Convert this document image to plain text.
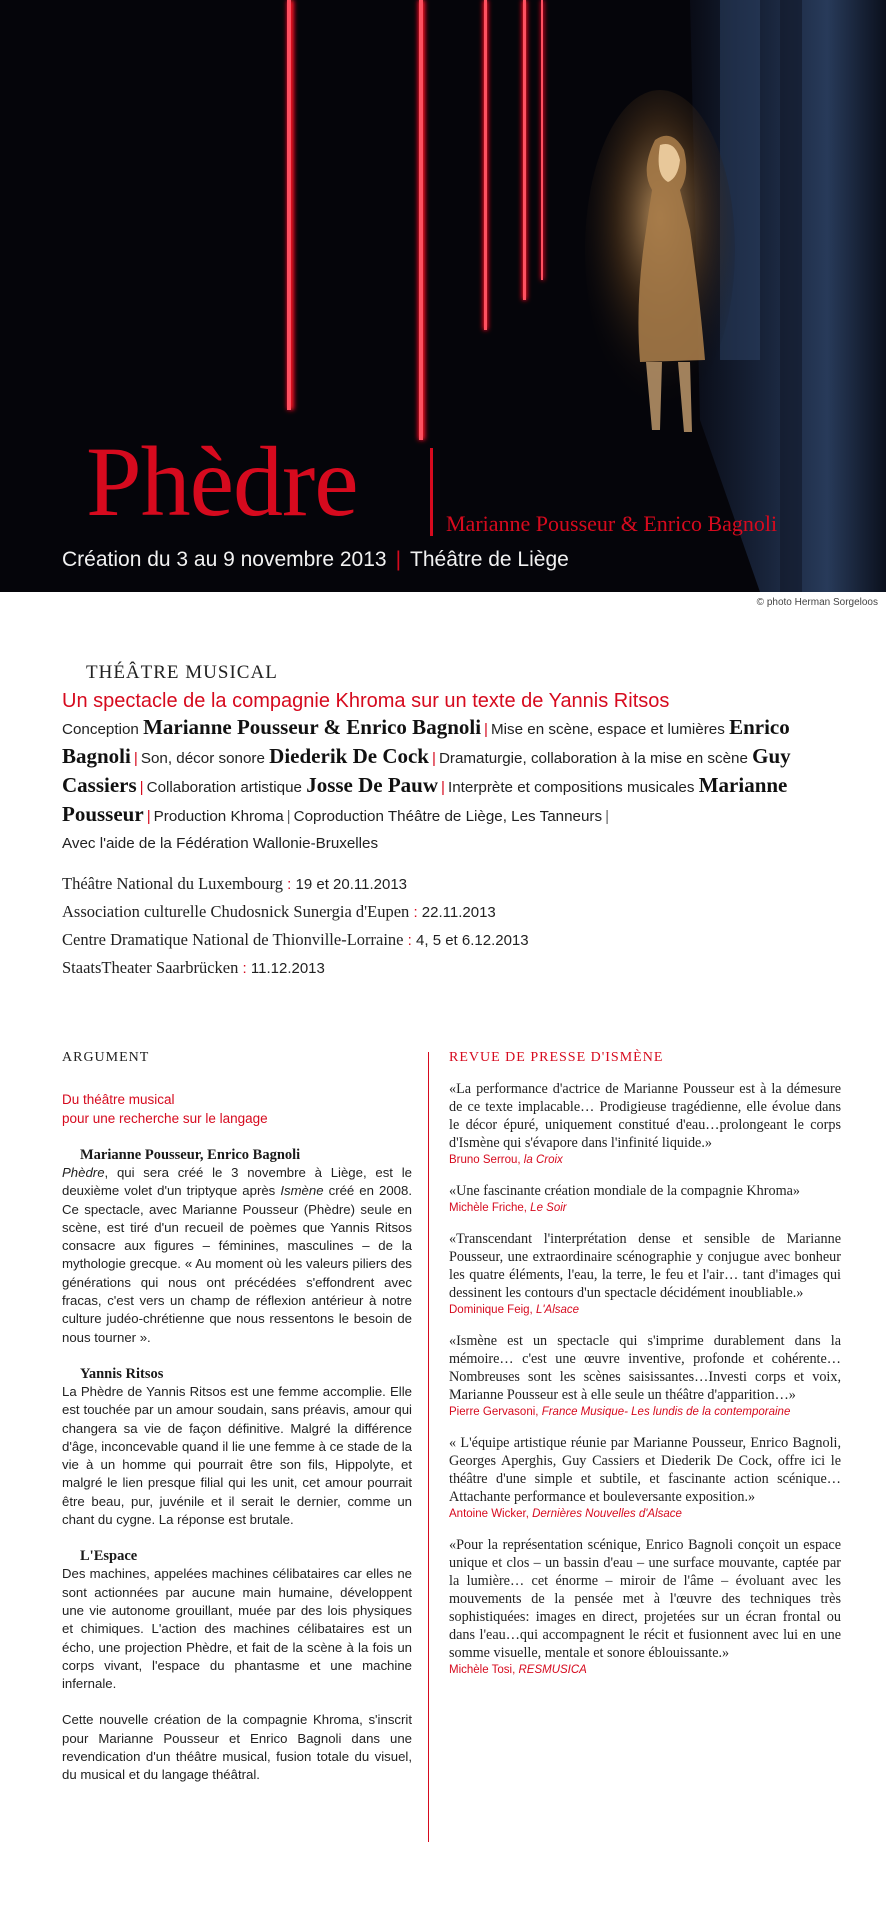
Phèdre	Marianne Pousseur & Enrico Bagnoli
Création du 3 au 9 novembre 2013 | Théâtre de Liège
© photo Herman Sorgeloos
THÉÂTRE MUSICAL
Un spectacle de la compagnie Khroma sur un texte de Yannis Ritsos
Conception Marianne Pousseur & Enrico Bagnoli | Mise en scène, espace et lumières Enrico Bagnoli | Son, décor sonore Diederik De Cock | Dramaturgie, collaboration à la mise en scène Guy Cassiers | Collaboration artistique Josse De Pauw | Interprète et compositions musicales Marianne Pousseur | Production Khroma | Coproduction Théâtre de Liège, Les Tanneurs |
Avec l'aide de la Fédération Wallonie-Bruxelles
Théâtre National du Luxembourg : 19 et 20.11.2013
Association culturelle Chudosnick Sunergia d'Eupen : 22.11.2013
Centre Dramatique National de Thionville-Lorraine : 4, 5 et 6.12.2013
StaatsTheater Saarbrücken : 11.12.2013
ARGUMENT
Du théâtre musical
pour une recherche sur le langage
Marianne Pousseur, Enrico Bagnoli
Phèdre, qui sera créé le 3 novembre à Liège, est le deuxième volet d'un triptyque après Ismène créé en 2008. Ce spectacle, avec Marianne Pousseur (Phèdre) seule en scène, est tiré d'un recueil de poèmes que Yannis Ritsos consacre aux figures – féminines, masculines – de la mythologie grecque. « Au moment où les valeurs piliers des générations qui nous ont précédées s'effondrent avec fracas, c'est vers un champ de réflexion antérieur à notre culture judéo-chrétienne que nous ressentons le besoin de nous tourner ».
Yannis Ritsos
La Phèdre de Yannis Ritsos est une femme accomplie. Elle est touchée par un amour soudain, sans préavis, amour qui changera sa vie de façon définitive. Malgré la différence d'âge, inconcevable quand il lie une femme à ce stade de la vie à un homme qui pourrait être son fils, Hippolyte, et malgré le lien presque filial qui les unit, cet amour pourrait être beau, pur, juvénile et il serait le dernier, comme un chant du cygne. La réponse est brutale.
L'Espace
Des machines, appelées machines célibataires car elles ne sont actionnées par aucune main humaine, développent une vie autonome grouillant, muée par des lois physiques et chimiques. L'action des machines célibataires est un écho, une projection Phèdre, et fait de la scène à la fois un corps vivant, l'espace du phantasme et une machine infernale.
Cette nouvelle création de la compagnie Khroma, s'inscrit pour Marianne Pousseur et Enrico Bagnoli dans une revendication d'un théâtre musical, fusion totale du visuel, du musical et du langage théâtral.
REVUE DE PRESSE D'ISMÈNE
«La performance d'actrice de Marianne Pousseur est à la démesure de ce texte implacable… Prodigieuse tragédienne, elle évolue dans le décor épuré, uniquement constitué d'eau…prolongeant le corps d'Ismène qui s'évapore dans l'infinité liquide.»
Bruno Serrou, la Croix
«Une fascinante création mondiale de la compagnie Khroma»
Michèle Friche, Le Soir
«Transcendant l'interprétation dense et sensible de Marianne Pousseur, une extraordinaire scénographie y conjugue avec bonheur les quatre éléments, l'eau, la terre, le feu et l'air… tant d'images qui dessinent les contours d'un spectacle décidément inoubliable.»
Dominique Feig, L'Alsace
«Ismène est un spectacle qui s'imprime durablement dans la mémoire… c'est une œuvre inventive, profonde et cohérente… Nombreuses sont les scènes saisissantes…Investi corps et voix, Marianne Pousseur est à elle seule un théâtre d'apparition…»
Pierre Gervasoni, France Musique- Les lundis de la contemporaine
« L'équipe artistique réunie par Marianne Pousseur, Enrico Bagnoli, Georges Aperghis, Guy Cassiers et Diederik De Cock, offre ici le théâtre d'une simple et subtile, et fascinante action scénique… Attachante performance et bouleversante exposition.»
Antoine Wicker, Dernières Nouvelles d'Alsace
«Pour la représentation scénique, Enrico Bagnoli conçoit un espace unique et clos – un bassin d'eau – une surface mouvante, captée par la lumière… cet énorme – miroir de l'âme – évoluant avec les mouvements de la pensée met à l'œuvre des techniques très sophistiquées: images en direct, projetées sur un écran frontal ou dans l'eau…qui accompagnent le récit et fusionnent avec lui en une somme visuelle, mentale et sonore éblouissante.»
Michèle Tosi, RESMUSICA
